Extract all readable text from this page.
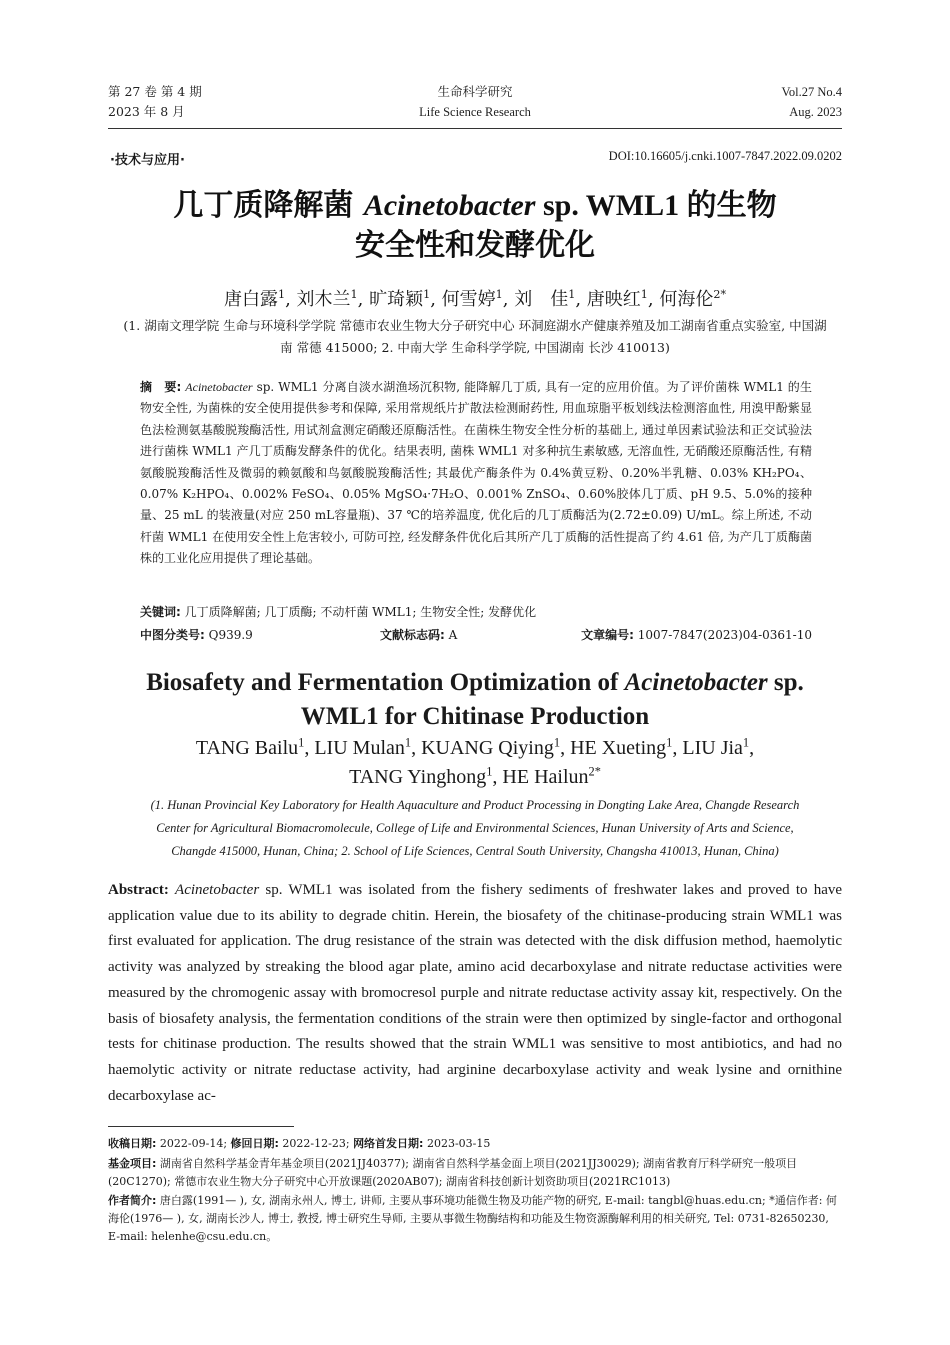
第 27 卷 第 4 期
2023 年 8 月
生命科学研究
Life Science Research
Vol.27 No.4
Aug. 2023
·技术与应用·	DOI:10.16605/j.cnki.1007-7847.2022.09.0202
几丁质降解菌 Acinetobacter sp. WML1 的生物
安全性和发酵优化
唐白露$^1$, 刘木兰$^1$, 旷琦颖$^1$, 何雪婷$^1$, 刘　佳$^1$, 唐映红$^1$, 何海伦$^{2*}$
(1. 湖南文理学院 生命与环境科学学院 常德市农业生物大分子研究中心 环洞庭湖水产健康养殖及加工湖南省重点实验室, 中国湖南 常德 415000; 2. 中南大学 生命科学学院, 中国湖南 长沙 410013)
摘　要: Acinetobacter sp. WML1 分离自淡水湖渔场沉积物, 能降解几丁质, 具有一定的应用价值。为了评价菌株 WML1 的生物安全性, 为菌株的安全使用提供参考和保障, 采用常规纸片扩散法检测耐药性, 用血琼脂平板划线法检测溶血性, 用溴甲酚紫显色法检测氨基酸脱羧酶活性, 用试剂盒测定硝酸还原酶活性。在菌株生物安全性分析的基础上, 通过单因素试验法和正交试验法进行菌株 WML1 产几丁质酶发酵条件的优化。结果表明, 菌株 WML1 对多种抗生素敏感, 无溶血性, 无硝酸还原酶活性, 有精氨酸脱羧酶活性及微弱的赖氨酸和鸟氨酸脱羧酶活性; 其最优产酶条件为 0.4%黄豆粉、0.20%半乳糖、0.03% KH₂PO₄、0.07% K₂HPO₄、0.002% FeSO₄、0.05% MgSO₄·7H₂O、0.001% ZnSO₄、0.60%胶体几丁质、pH 9.5、5.0%的接种量、25 mL 的装液量(对应 250 mL容量瓶)、37 ℃的培养温度, 优化后的几丁质酶活为(2.72±0.09) U/mL。综上所述, 不动杆菌 WML1 在使用安全性上危害较小, 可防可控, 经发酵条件优化后其所产几丁质酶的活性提高了约 4.61 倍, 为产几丁质酶菌株的工业化应用提供了理论基础。
关键词: 几丁质降解菌; 几丁质酶; 不动杆菌 WML1; 生物安全性; 发酵优化
中图分类号: Q939.9	文献标志码: A	文章编号: 1007-7847(2023)04-0361-10
Biosafety and Fermentation Optimization of Acinetobacter sp.
WML1 for Chitinase Production
TANG Bailu$^1$, LIU Mulan$^1$, KUANG Qiying$^1$, HE Xueting$^1$, LIU Jia$^1$,
TANG Yinghong$^1$, HE Hailun$^{2*}$
(1. Hunan Provincial Key Laboratory for Health Aquaculture and Product Processing in Dongting Lake Area, Changde Research
Center for Agricultural Biomacromolecule, College of Life and Environmental Sciences, Hunan University of Arts and Science,
Changde 415000, Hunan, China; 2. School of Life Sciences, Central South University, Changsha 410013, Hunan, China)
Abstract: Acinetobacter sp. WML1 was isolated from the fishery sediments of freshwater lakes and proved to have application value due to its ability to degrade chitin. Herein, the biosafety of the chitinase-producing strain WML1 was first evaluated for application. The drug resistance of the strain was detected with the disk diffusion method, haemolytic activity was analyzed by streaking the blood agar plate, amino acid decarboxylase and nitrate reductase activities were measured by the chromogenic assay with bromocresol purple and nitrate reductase activity assay kit, respectively. On the basis of biosafety analysis, the fermentation conditions of the strain were then optimized by single-factor and orthogonal tests for chitinase production. The results showed that the strain WML1 was sensitive to most antibiotics, and had no haemolytic activity or nitrate reductase activity, had arginine decarboxylase activity and weak lysine and ornithine decarboxylase ac-
收稿日期: 2022-09-14; 修回日期: 2022-12-23; 网络首发日期: 2023-03-15
基金项目: 湖南省自然科学基金青年基金项目(2021JJ40377); 湖南省自然科学基金面上项目(2021JJ30029); 湖南省教育厅科学研究一般项目(20C1270); 常德市农业生物大分子研究中心开放课题(2020AB07); 湖南省科技创新计划资助项目(2021RC1013)
作者简介: 唐白露(1991— ), 女, 湖南永州人, 博士, 讲师, 主要从事环境功能微生物及功能产物的研究, E-mail: tangbl@huas.edu.cn; *通信作者: 何海伦(1976— ), 女, 湖南长沙人, 博士, 教授, 博士研究生导师, 主要从事微生物酶结构和功能及生物资源酶解利用的相关研究, Tel: 0731-82650230, E-mail: helenhe@csu.edu.cn。
